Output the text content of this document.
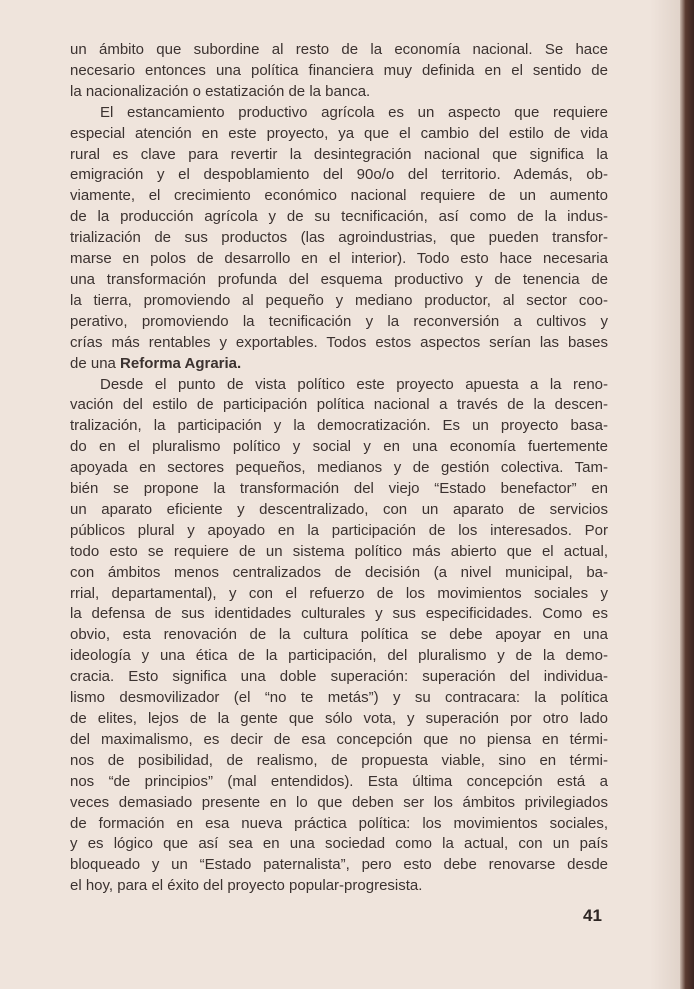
un ámbito que subordine al resto de la economía nacional. Se hace
necesario entonces una política financiera muy definida en el sentido de
la nacionalización o estatización de la banca.
El estancamiento productivo agrícola es un aspecto que requiere
especial atención en este proyecto, ya que el cambio del estilo de vida
rural es clave para revertir la desintegración nacional que significa la
emigración y el despoblamiento del 90o/o del territorio. Además, ob-
viamente, el crecimiento económico nacional requiere de un aumento
de la producción agrícola y de su tecnificación, así como de la indus-
trialización de sus productos (las agroindustrias, que pueden transfor-
marse en polos de desarrollo en el interior). Todo esto hace necesaria
una transformación profunda del esquema productivo y de tenencia de
la tierra, promoviendo al pequeño y mediano productor, al sector coo-
perativo, promoviendo la tecnificación y la reconversión a cultivos y
crías más rentables y exportables. Todos estos aspectos serían las bases
de una Reforma Agraria.
Desde el punto de vista político este proyecto apuesta a la reno-
vación del estilo de participación política nacional a través de la descen-
tralización, la participación y la democratización. Es un proyecto basa-
do en el pluralismo político y social y en una economía fuertemente
apoyada en sectores pequeños, medianos y de gestión colectiva. Tam-
bién se propone la transformación del viejo “Estado benefactor” en
un aparato eficiente y descentralizado, con un aparato de servicios
públicos plural y apoyado en la participación de los interesados. Por
todo esto se requiere de un sistema político más abierto que el actual,
con ámbitos menos centralizados de decisión (a nivel municipal, ba-
rrial, departamental), y con el refuerzo de los movimientos sociales y
la defensa de sus identidades culturales y sus especificidades. Como es
obvio, esta renovación de la cultura política se debe apoyar en una
ideología y una ética de la participación, del pluralismo y de la demo-
cracia. Esto significa una doble superación: superación del individua-
lismo desmovilizador (el “no te metás”) y su contracara: la política
de elites, lejos de la gente que sólo vota, y superación por otro lado
del maximalismo, es decir de esa concepción que no piensa en térmi-
nos de posibilidad, de realismo, de propuesta viable, sino en térmi-
nos “de principios” (mal entendidos). Esta última concepción está a
veces demasiado presente en lo que deben ser los ámbitos privilegiados
de formación en esa nueva práctica política: los movimientos sociales,
y es lógico que así sea en una sociedad como la actual, con un país
bloqueado y un “Estado paternalista”, pero esto debe renovarse desde
el hoy, para el éxito del proyecto popular-progresista.
41
